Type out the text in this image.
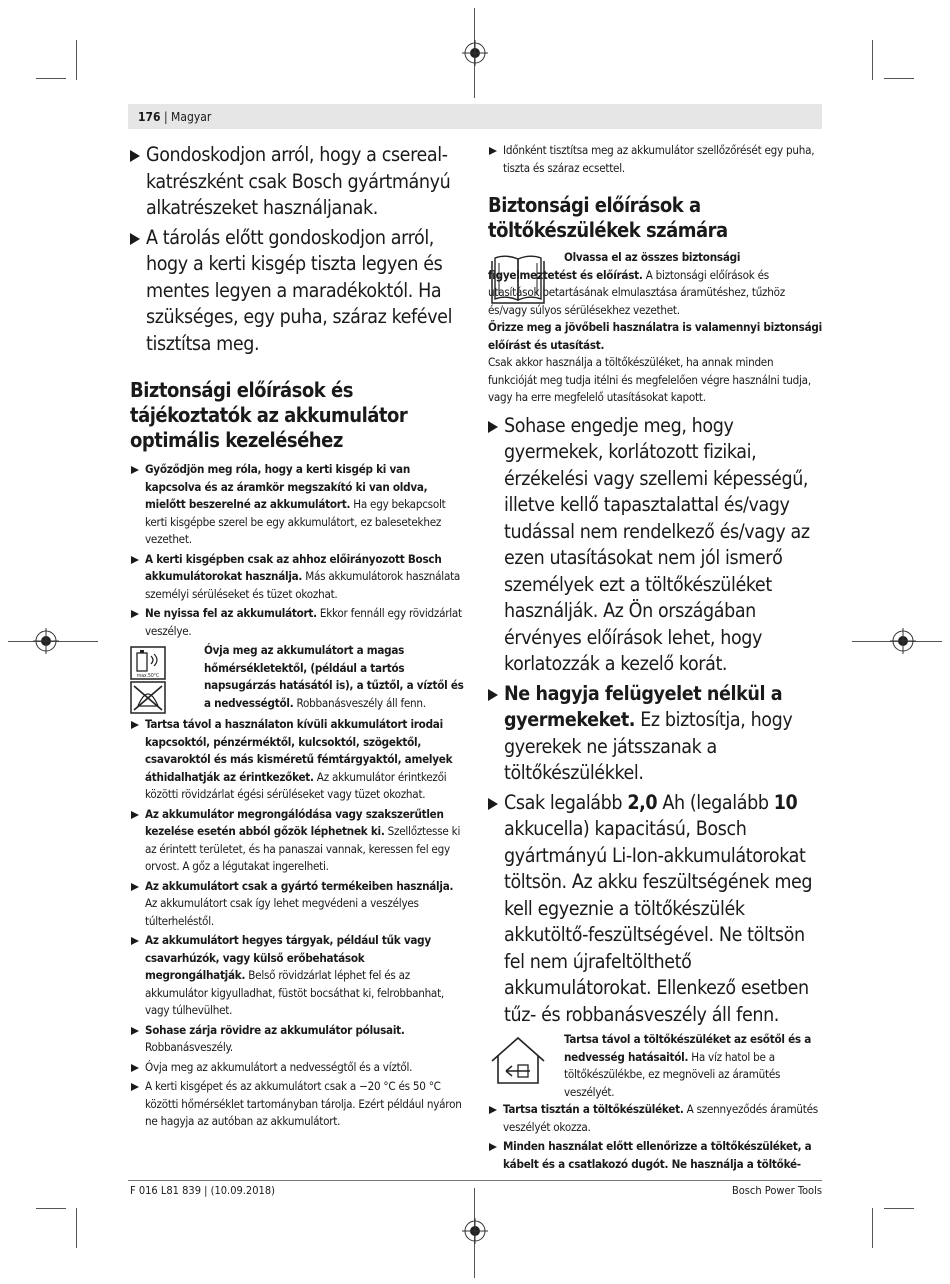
176 | Magyar

Gondoskodjon arról, hogy a csereal-katrészként csak Bosch gyártmányú alkatrészeket használjanak.

A tárolás előtt gondoskodjon arról, hogy a kerti kisgép tiszta legyen és mentes legyen a maradékoktól. Ha szükséges, egy puha, száraz kefével tisztítsa meg.

Biztonsági előírások és tájékoztatók az akkumulátor optimális kezeléséhez

Győződjön meg róla, hogy a kerti kisgép ki van kapcsolva és az áramkör megszakító ki van oldva, mielőtt beszerelné az akkumulátort. Ha egy bekapcsolt kerti kisgépbe szerel be egy akkumulátort, ez balesetekhez vezethet.

A kerti kisgépben csak az ahhoz előirányozott Bosch akkumulátorokat használja. Más akkumulátorok használata személyi sérüléseket és tüzet okozhat.

Ne nyissa fel az akkumulátort. Ekkor fennáll egy rövidzárlat veszélye.

max.50°C

Óvja meg az akkumulátort a magas hőmérsékletektől, (például a tartós napsugárzás hatásától is), a tűztől, a víztől és a nedvességtől. Robbanásveszély áll fenn.

Tartsa távol a használaton kívüli akkumulátort irodai kapcsoktól, pénzérméktől, kulcsoktól, szögektől, csavaroktól és más kisméretű fémtárgyaktól, amelyek áthidalhatják az érintkezőket. Az akkumulátor érintkezői közötti rövidzárlat égési sérüléseket vagy tüzet okozhat.

Az akkumulátor megrongálódása vagy szakszerűtlen kezelése esetén abból gőzök léphetnek ki. Szellőztesse ki az érintett területet, és ha panaszai vannak, keressen fel egy orvost. A gőz a légutakat ingerelheti.

Az akkumulátort csak a gyártó termékeiben használja. Az akkumulátort csak így lehet megvédeni a veszélyes túlterheléstől.

Az akkumulátort hegyes tárgyak, például tűk vagy csavarhúzók, vagy külső erőbehatások megrongálhatják. Belső rövidzárlat léphet fel és az akkumulátor kigyulladhat, füstöt bocsáthat ki, felrobbanhat, vagy túlhevülhet.

Sohase zárja rövidre az akkumulátor pólusait. Robbanásveszély.

Óvja meg az akkumulátort a nedvességtől és a víztől.

A kerti kisgépet és az akkumulátort csak a −20 °C és 50 °C közötti hőmérséklet tartományban tárolja. Ezért például nyáron ne hagyja az autóban az akkumulátort.

Időnként tisztítsa meg az akkumulátor szellőzőrését egy puha, tiszta és száraz ecsettel.

Biztonsági előírások a töltőkészülékek számára

Olvassa el az összes biztonsági figyelmeztetést és előírást. A biztonsági előírások és utasítások betartásának elmulasztása áramütéshez, tűzhöz és/vagy súlyos sérülésekhez vezethet.

Őrizze meg a jövőbeli használatra is valamennyi biztonsági előírást és utasítást.

Csak akkor használja a töltőkészüléket, ha annak minden funkcióját meg tudja itélni és megfelelően végre használni tudja, vagy ha erre megfelelő utasításokat kapott.

Sohase engedje meg, hogy gyermekek, korlátozott fizikai, érzékelési vagy szellemi képességű, illetve kellő tapasztalattal és/vagy tudással nem rendelkező és/vagy az ezen utasításokat nem jól ismerő személyek ezt a töltőkészüléket használják. Az Ön országában érvényes előírások lehet, hogy korlatozzák a kezelő korát.

Ne hagyja felügyelet nélkül a gyermekeket. Ez biztosítja, hogy gyerekek ne játsszanak a töltőkészülékkel.

Csak legalább 2,0 Ah (legalább 10 akkucella) kapacitású, Bosch gyártmányú Li-Ion-akkumulátorokat töltsön. Az akku feszültségének meg kell egyeznie a töltőkészülék akkutöltő-feszültségével. Ne töltsön fel nem újrafeltölthető akkumulátorokat. Ellenkező esetben tűz- és robbanásveszély áll fenn.

Tartsa távol a töltőkészüléket az esőtől és a nedvesség hatásaitól. Ha víz hatol be a töltőkészülékbe, ez megnöveli az áramütés veszélyét.

Tartsa tisztán a töltőkészüléket. A szennyeződés áramütés veszélyét okozza.

Minden használat előtt ellenőrizze a töltőkészüléket, a kábelt és a csatlakozó dugót. Ne használja a töltőké-

F 016 L81 839 | (10.09.2018)	Bosch Power Tools
